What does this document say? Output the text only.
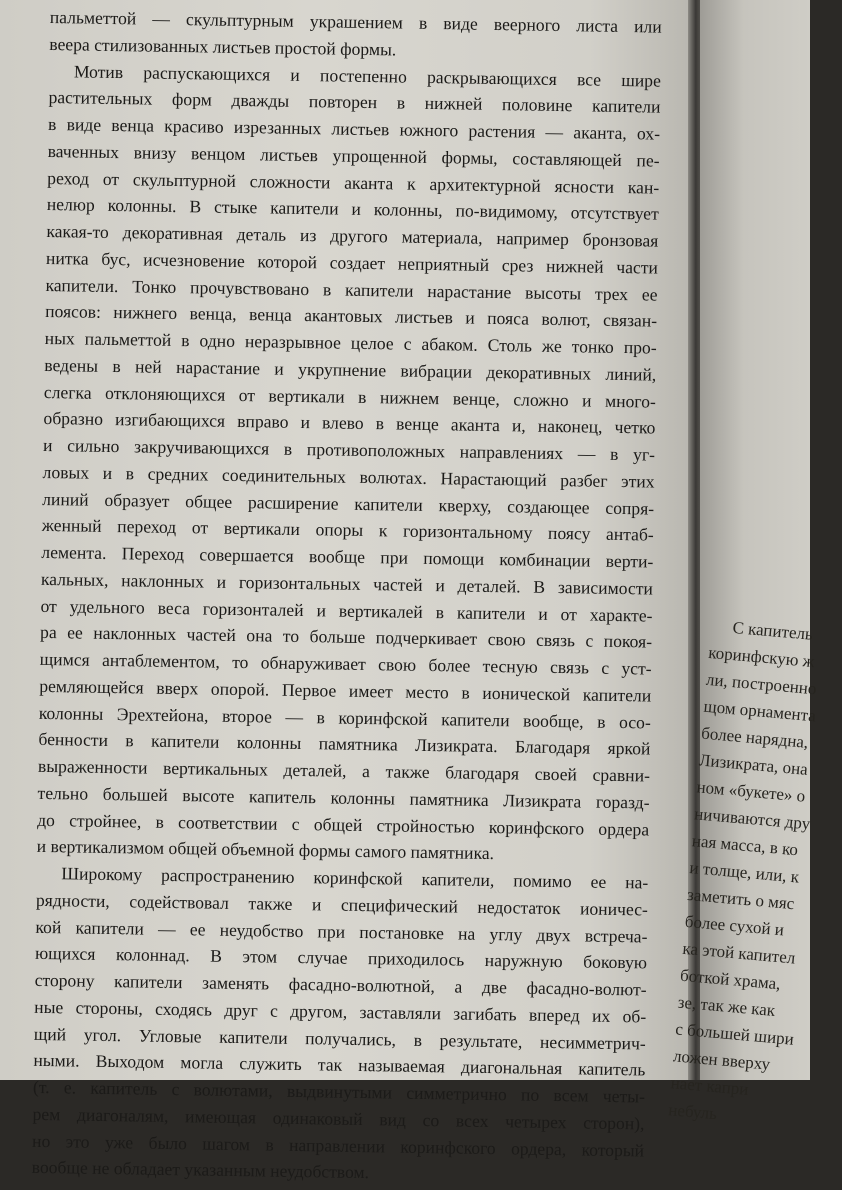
пальметтой — скульптурным украшением в виде веерного листа или
веера стилизованных листьев простой формы.
Мотив распускающихся и постепенно раскрывающихся все шире
растительных форм дважды повторен в нижней половине капители
в виде венца красиво изрезанных листьев южного растения — аканта, ох-
ваченных внизу венцом листьев упрощенной формы, составляющей пе-
реход от скульптурной сложности аканта к архитектурной ясности кан-
нелюр колонны. В стыке капители и колонны, по-видимому, отсутствует
какая-то декоративная деталь из другого материала, например бронзовая
нитка бус, исчезновение которой создает неприятный срез нижней части
капители. Тонко прочувствовано в капители нарастание высоты трех ее
поясов: нижнего венца, венца акантовых листьев и пояса волют, связан-
ных пальметтой в одно неразрывное целое с абаком. Столь же тонко про-
ведены в ней нарастание и укрупнение вибрации декоративных линий,
слегка отклоняющихся от вертикали в нижнем венце, сложно и много-
образно изгибающихся вправо и влево в венце аканта и, наконец, четко
и сильно закручивающихся в противоположных направлениях — в уг-
ловых и в средних соединительных волютах. Нарастающий разбег этих
линий образует общее расширение капители кверху, создающее сопря-
женный переход от вертикали опоры к горизонтальному поясу антаб-
лемента. Переход совершается вообще при помощи комбинации верти-
кальных, наклонных и горизонтальных частей и деталей. В зависимости
от удельного веса горизонталей и вертикалей в капители и от характе-
ра ее наклонных частей она то больше подчеркивает свою связь с покоя-
щимся антаблементом, то обнаруживает свою более тесную связь с уст-
ремляющейся вверх опорой. Первое имеет место в ионической капители
колонны Эрехтейона, второе — в коринфской капители вообще, в осо-
бенности в капители колонны памятника Лизикрата. Благодаря яркой
выраженности вертикальных деталей, а также благодаря своей сравни-
тельно большей высоте капитель колонны памятника Лизикрата горазд-
до стройнее, в соответствии с общей стройностью коринфского ордера
и вертикализмом общей объемной формы самого памятника.
Широкому распространению коринфской капители, помимо ее на-
рядности, содействовал также и специфический недостаток ионичес-
кой капители — ее неудобство при постановке на углу двух встреча-
ющихся колоннад. В этом случае приходилось наружную боковую
сторону капители заменять фасадно-волютной, а две фасадно-волют-
ные стороны, сходясь друг с другом, заставляли загибать вперед их об-
щий угол. Угловые капители получались, в результате, несимметрич-
ными. Выходом могла служить так называемая диагональная капитель
(т. е. капитель с волютами, выдвинутыми симметрично по всем четы-
рем диагоналям, имеющая одинаковый вид со всех четырех сторон),
но это уже было шагом в направлении коринфского ордера, который
вообще не обладает указанным неудобством.
С капитель
коринфскую ж
ли, построенно
щом орнамента
более нарядна,
Лизикрата, она
ном «букете» о
ничиваются дру
ная масса, в ко
и толще, или, к
заметить о мяс
более сухой и
ка этой капител
боткой храма,
зе, так же как
с большей шири
ложен вверху
нает капри
небуль
